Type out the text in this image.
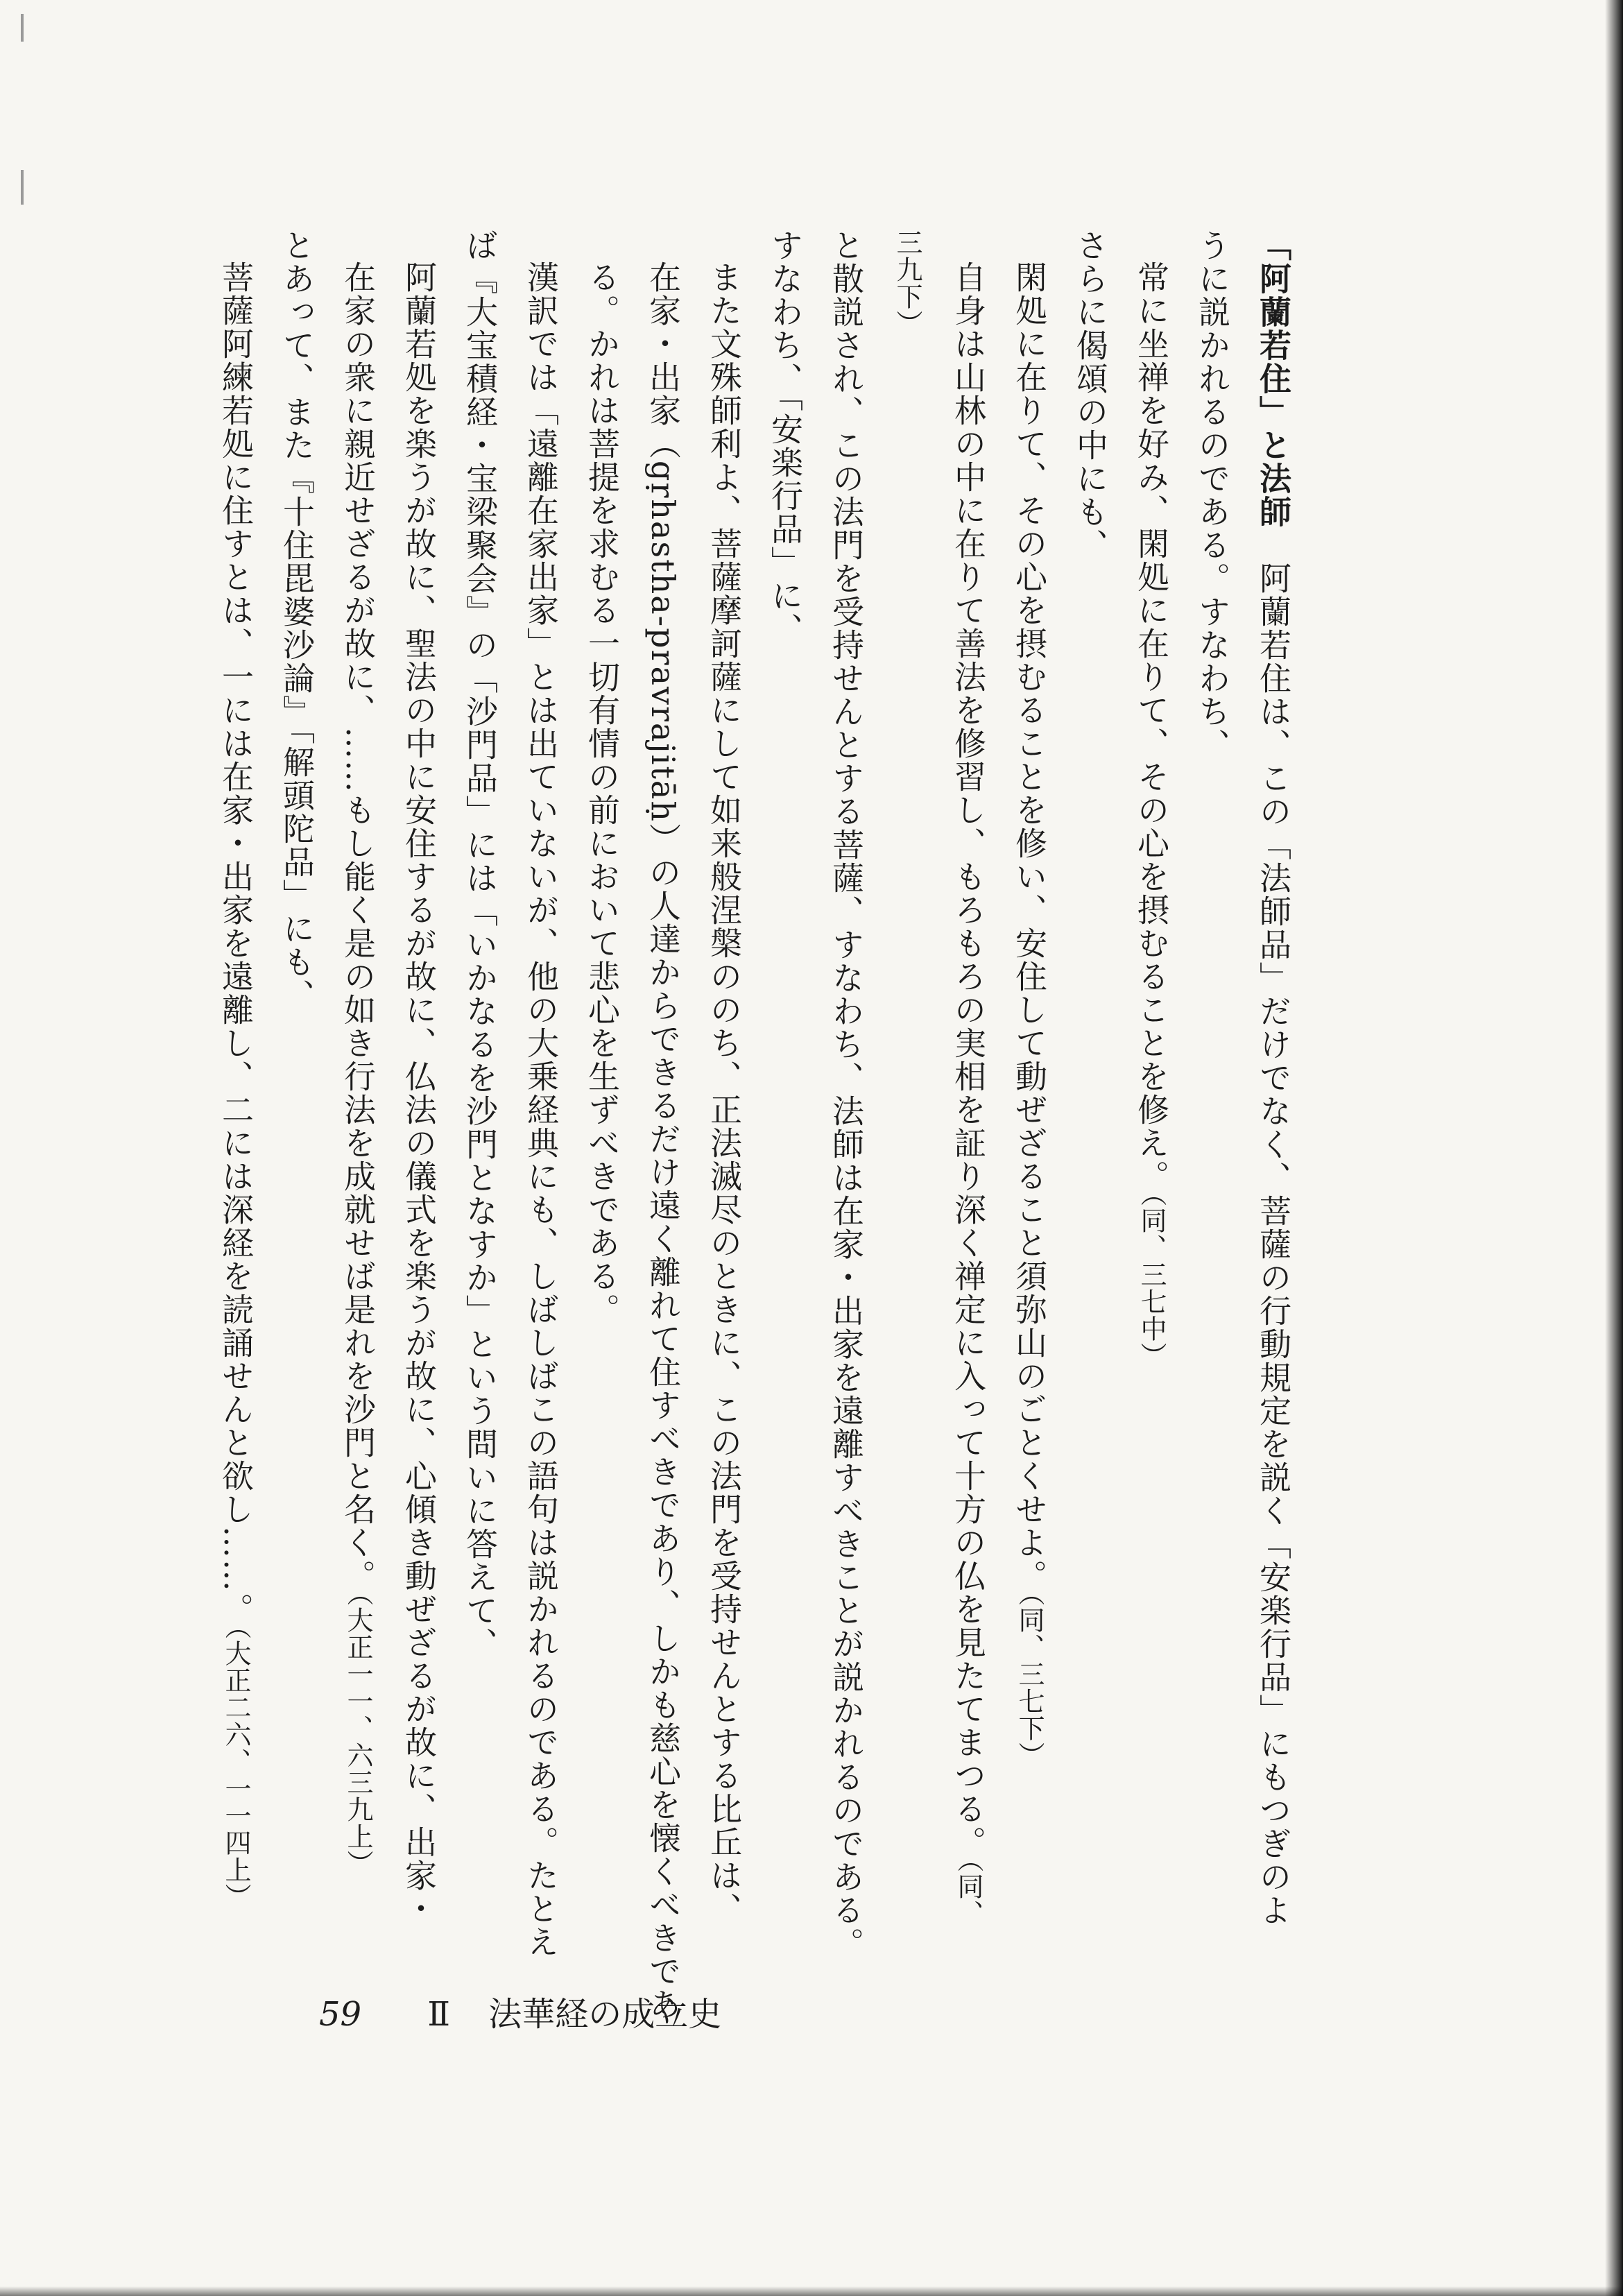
「阿蘭若住」と法師　阿蘭若住は、この「法師品」だけでなく、菩薩の行動規定を説く「安楽行品」にもつぎのよ

うに説かれるのである。すなわち、

常に坐禅を好み、閑処に在りて、その心を摂むることを修え。（同、三七中）

さらに偈頌の中にも、

閑処に在りて、その心を摂むることを修い、安住して動ぜざること須弥山のごとくせよ。（同、三七下）

自身は山林の中に在りて善法を修習し、もろもろの実相を証り深く禅定に入って十方の仏を見たてまつる。（同、

三九下）

と散説され、この法門を受持せんとする菩薩、すなわち、法師は在家・出家を遠離すべきことが説かれるのである。

すなわち、「安楽行品」に、

また文殊師利よ、菩薩摩訶薩にして如来般涅槃ののち、正法滅尽のときに、この法門を受持せんとする比丘は、

在家・出家（gṛhastha-pravrajitāḥ）の人達からできるだけ遠く離れて住すべきであり、しかも慈心を懐くべきであ

る。かれは菩提を求むる一切有情の前において悲心を生ずべきである。

漢訳では「遠離在家出家」とは出ていないが、他の大乗経典にも、しばしばこの語句は説かれるのである。たとえ

ば『大宝積経・宝梁聚会』の「沙門品」には「いかなるを沙門となすか」という問いに答えて、

阿蘭若処を楽うが故に、聖法の中に安住するが故に、仏法の儀式を楽うが故に、心傾き動ぜざるが故に、出家・

在家の衆に親近せざるが故に、……もし能く是の如き行法を成就せば是れを沙門と名く。（大正一一、六三九上）

とあって、また『十住毘婆沙論』「解頭陀品」にも、

菩薩阿練若処に住すとは、一には在家・出家を遠離し、二には深経を読誦せんと欲し……。（大正二六、一一四上）

59 Ⅱ 法華経の成立史
